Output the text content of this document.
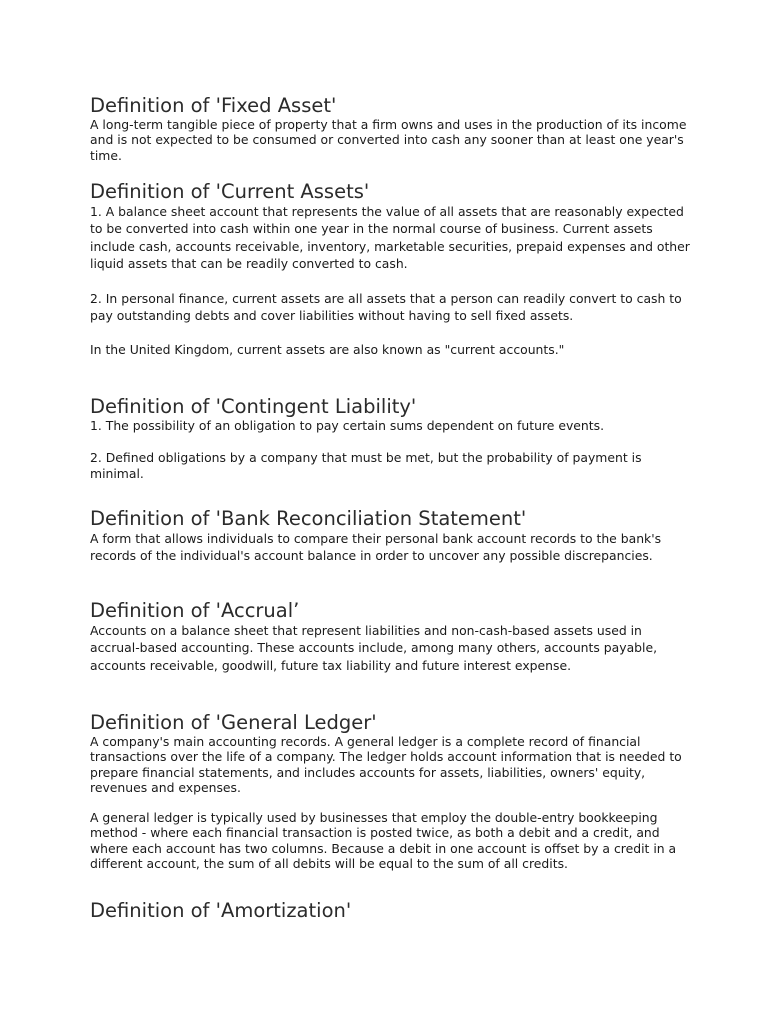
Definition of 'Fixed Asset'

A long-term tangible piece of property that a firm owns and uses in the production of its income and is not expected to be consumed or converted into cash any sooner than at least one year's time.

Definition of 'Current Assets'

1. A balance sheet account that represents the value of all assets that are reasonably expected to be converted into cash within one year in the normal course of business. Current assets include cash, accounts receivable, inventory, marketable securities, prepaid expenses and other liquid assets that can be readily converted to cash.

2. In personal finance, current assets are all assets that a person can readily convert to cash to pay outstanding debts and cover liabilities without having to sell fixed assets.

In the United Kingdom, current assets are also known as "current accounts."

Definition of 'Contingent Liability'

1. The possibility of an obligation to pay certain sums dependent on future events.

2. Defined obligations by a company that must be met, but the probability of payment is minimal.

Definition of 'Bank Reconciliation Statement'

A form that allows individuals to compare their personal bank account records to the bank's records of the individual's account balance in order to uncover any possible discrepancies.

Definition of 'Accrual’

Accounts on a balance sheet that represent liabilities and non-cash-based assets used in accrual-based accounting. These accounts include, among many others, accounts payable, accounts receivable, goodwill, future tax liability and future interest expense.

Definition of 'General Ledger'

A company's main accounting records. A general ledger is a complete record of financial transactions over the life of a company. The ledger holds account information that is needed to prepare financial statements, and includes accounts for assets, liabilities, owners' equity, revenues and expenses.

A general ledger is typically used by businesses that employ the double-entry bookkeeping method - where each financial transaction is posted twice, as both a debit and a credit, and where each account has two columns. Because a debit in one account is offset by a credit in a different account, the sum of all debits will be equal to the sum of all credits.

Definition of 'Amortization'
